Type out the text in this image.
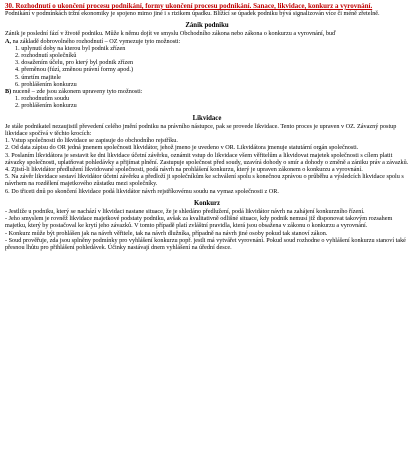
30. Rozhodnutí o ukončení procesu podnikání, formy ukončení procesu podnikání. Sanace, likvidace, konkurz a vyrovnání.

Podnikání v podmínkách tržní ekonomiky je spojeno mimo jiné i s rizikem úpadku. Blížící se úpadek podniku bývá signalizován více či méně zřetelně.

Zánik podniku

Zánik je poslední fází v životě podniku. Může k němu dojít ve smyslu Obchodního zákona nebo zákona o konkurzu a vyrovnání, buď

A, na základě dobrovolného rozhodnutí – OZ vymezuje tyto možnosti:

1. uplynutí doby na kterou byl podnik zřízen
2. rozhodnutí společníků
3. dosažením účelu, pro který byl podnik zřízen
4. přeměnou (fúzí, změnou právní formy apod.)
5. úmrtím majitele
6. prohlášením konkurzu

B) nuceně – zde jsou zákonem upraveny tyto možnosti:

1. rozhodnutím soudu
2. prohlášením konkurzu
Likvidace

Je stále podnikatel nezaujistil převedení celého jmění podniku na právního nástupce, pak se provede likvidace. Tento proces je upraven v OZ. Závazný postup likvidace spočívá v těchto krocích:

1. Vstup společnosti do likvidace se zapisuje do obchodního rejstříku.
2. Od data zápisu do OR jedná jmenem společnosti likvidátor, jehož jmeno je uvedeno v OR. Likvidátora jmenuje statutární orgán společnosti.
3. Poslaním likvidátora je sestavit ke dni likvidace účetní závěrku, oznámit vstup do likvidace všem věřitelům a likvidovat majetek společnosti s cílem platit závazky společnosti, uplatňovat pohledávky a přijímat plnění. Zastupuje společnost před soudy, uzavírá dohody o smír a dohody o změně a zániku práv a závazků.
4. Zjistí-li likvidátor předlužení likvidované společnosti, podá návrh na prohlášení konkurzu, který je upraven zákonem o konkurzu a vyrovnání.
5. Na závěr likvidace sestaví likvidátor účetní závěrku a předloží ji společníkům ke schválení spolu s konečnou zprávou o průběhu a výsledcích likvidace spolu s návrhem na rozdělení majetkového zůstatku mezi společníky.
6. Do třiceti dnů po skončení likvidace podá likvidátor návrh rejstříkovému soudu na vymaz společnosti z OR.
Konkurz

- Jestliže u podniku, který se nachází v likvidaci nastane situace, že je shledáno předlužení, podá likvidátor návrh na zahájení konkurzního řízení.

- Jeho smyslem je rovněž likvidace majetkové podstaty podniku, avšak za kvalitativně odlišné situace, kdy podnik nemusí již disponovat takovým rozsahem majetku, který by postačoval ke krytí jeho závazků. V tomto případě platí zvláštní pravidla, která jsou obsažena v zákonu o konkurzu a vyrovnání.

- Konkurz může být prohlášen jak na návrh věřitele, tak na návrh dlužníka, případně na návrh jiné osoby pokud tak stanoví zákon.

- Soud prověřuje, zda jsou splněny podmínky pro vyhlášení konkurzu popř. jestli má vytvářet vyrovnání. Pokud soud rozhodne o vyhlášení konkurzu stanoví také přesnou lhůtu pro přihlášení pohledávek. Účinky nastávají dnem vyhlášení na úřední desce.
